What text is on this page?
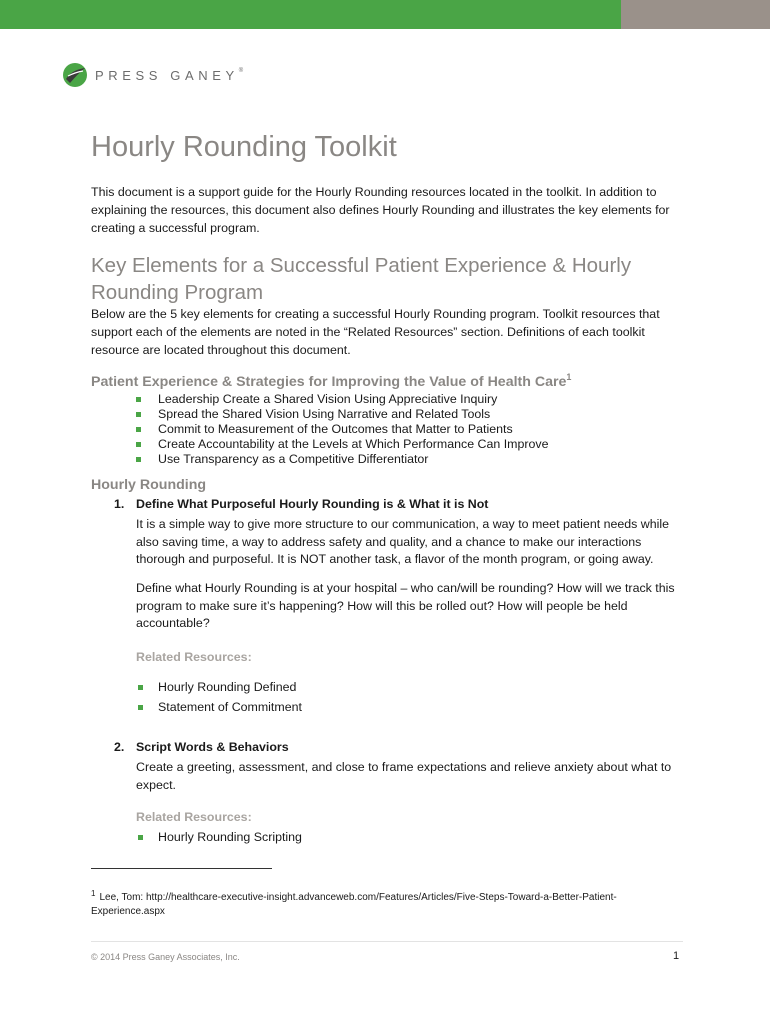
PRESS GANEY®
Hourly Rounding Toolkit
This document is a support guide for the Hourly Rounding resources located in the toolkit. In addition to explaining the resources, this document also defines Hourly Rounding and illustrates the key elements for creating a successful program.
Key Elements for a Successful Patient Experience & Hourly Rounding Program
Below are the 5 key elements for creating a successful Hourly Rounding program. Toolkit resources that support each of the elements are noted in the “Related Resources” section. Definitions of each toolkit resource are located throughout this document.
Patient Experience & Strategies for Improving the Value of Health Care$^1$
Leadership Create a Shared Vision Using Appreciative Inquiry
Spread the Shared Vision Using Narrative and Related Tools
Commit to Measurement of the Outcomes that Matter to Patients
Create Accountability at the Levels at Which Performance Can Improve
Use Transparency as a Competitive Differentiator
Hourly Rounding
1. Define What Purposeful Hourly Rounding is & What it is Not
It is a simple way to give more structure to our communication, a way to meet patient needs while also saving time, a way to address safety and quality, and a chance to make our interactions thorough and purposeful. It is NOT another task, a flavor of the month program, or going away.
Define what Hourly Rounding is at your hospital – who can/will be rounding? How will we track this program to make sure it’s happening? How will this be rolled out? How will people be held accountable?
Related Resources:
Hourly Rounding Defined
Statement of Commitment
2. Script Words & Behaviors
Create a greeting, assessment, and close to frame expectations and relieve anxiety about what to expect.
Related Resources:
Hourly Rounding Scripting
$^1$ Lee, Tom: http://healthcare-executive-insight.advanceweb.com/Features/Articles/Five-Steps-Toward-a-Better-Patient-Experience.aspx
© 2014 Press Ganey Associates, Inc.	1
